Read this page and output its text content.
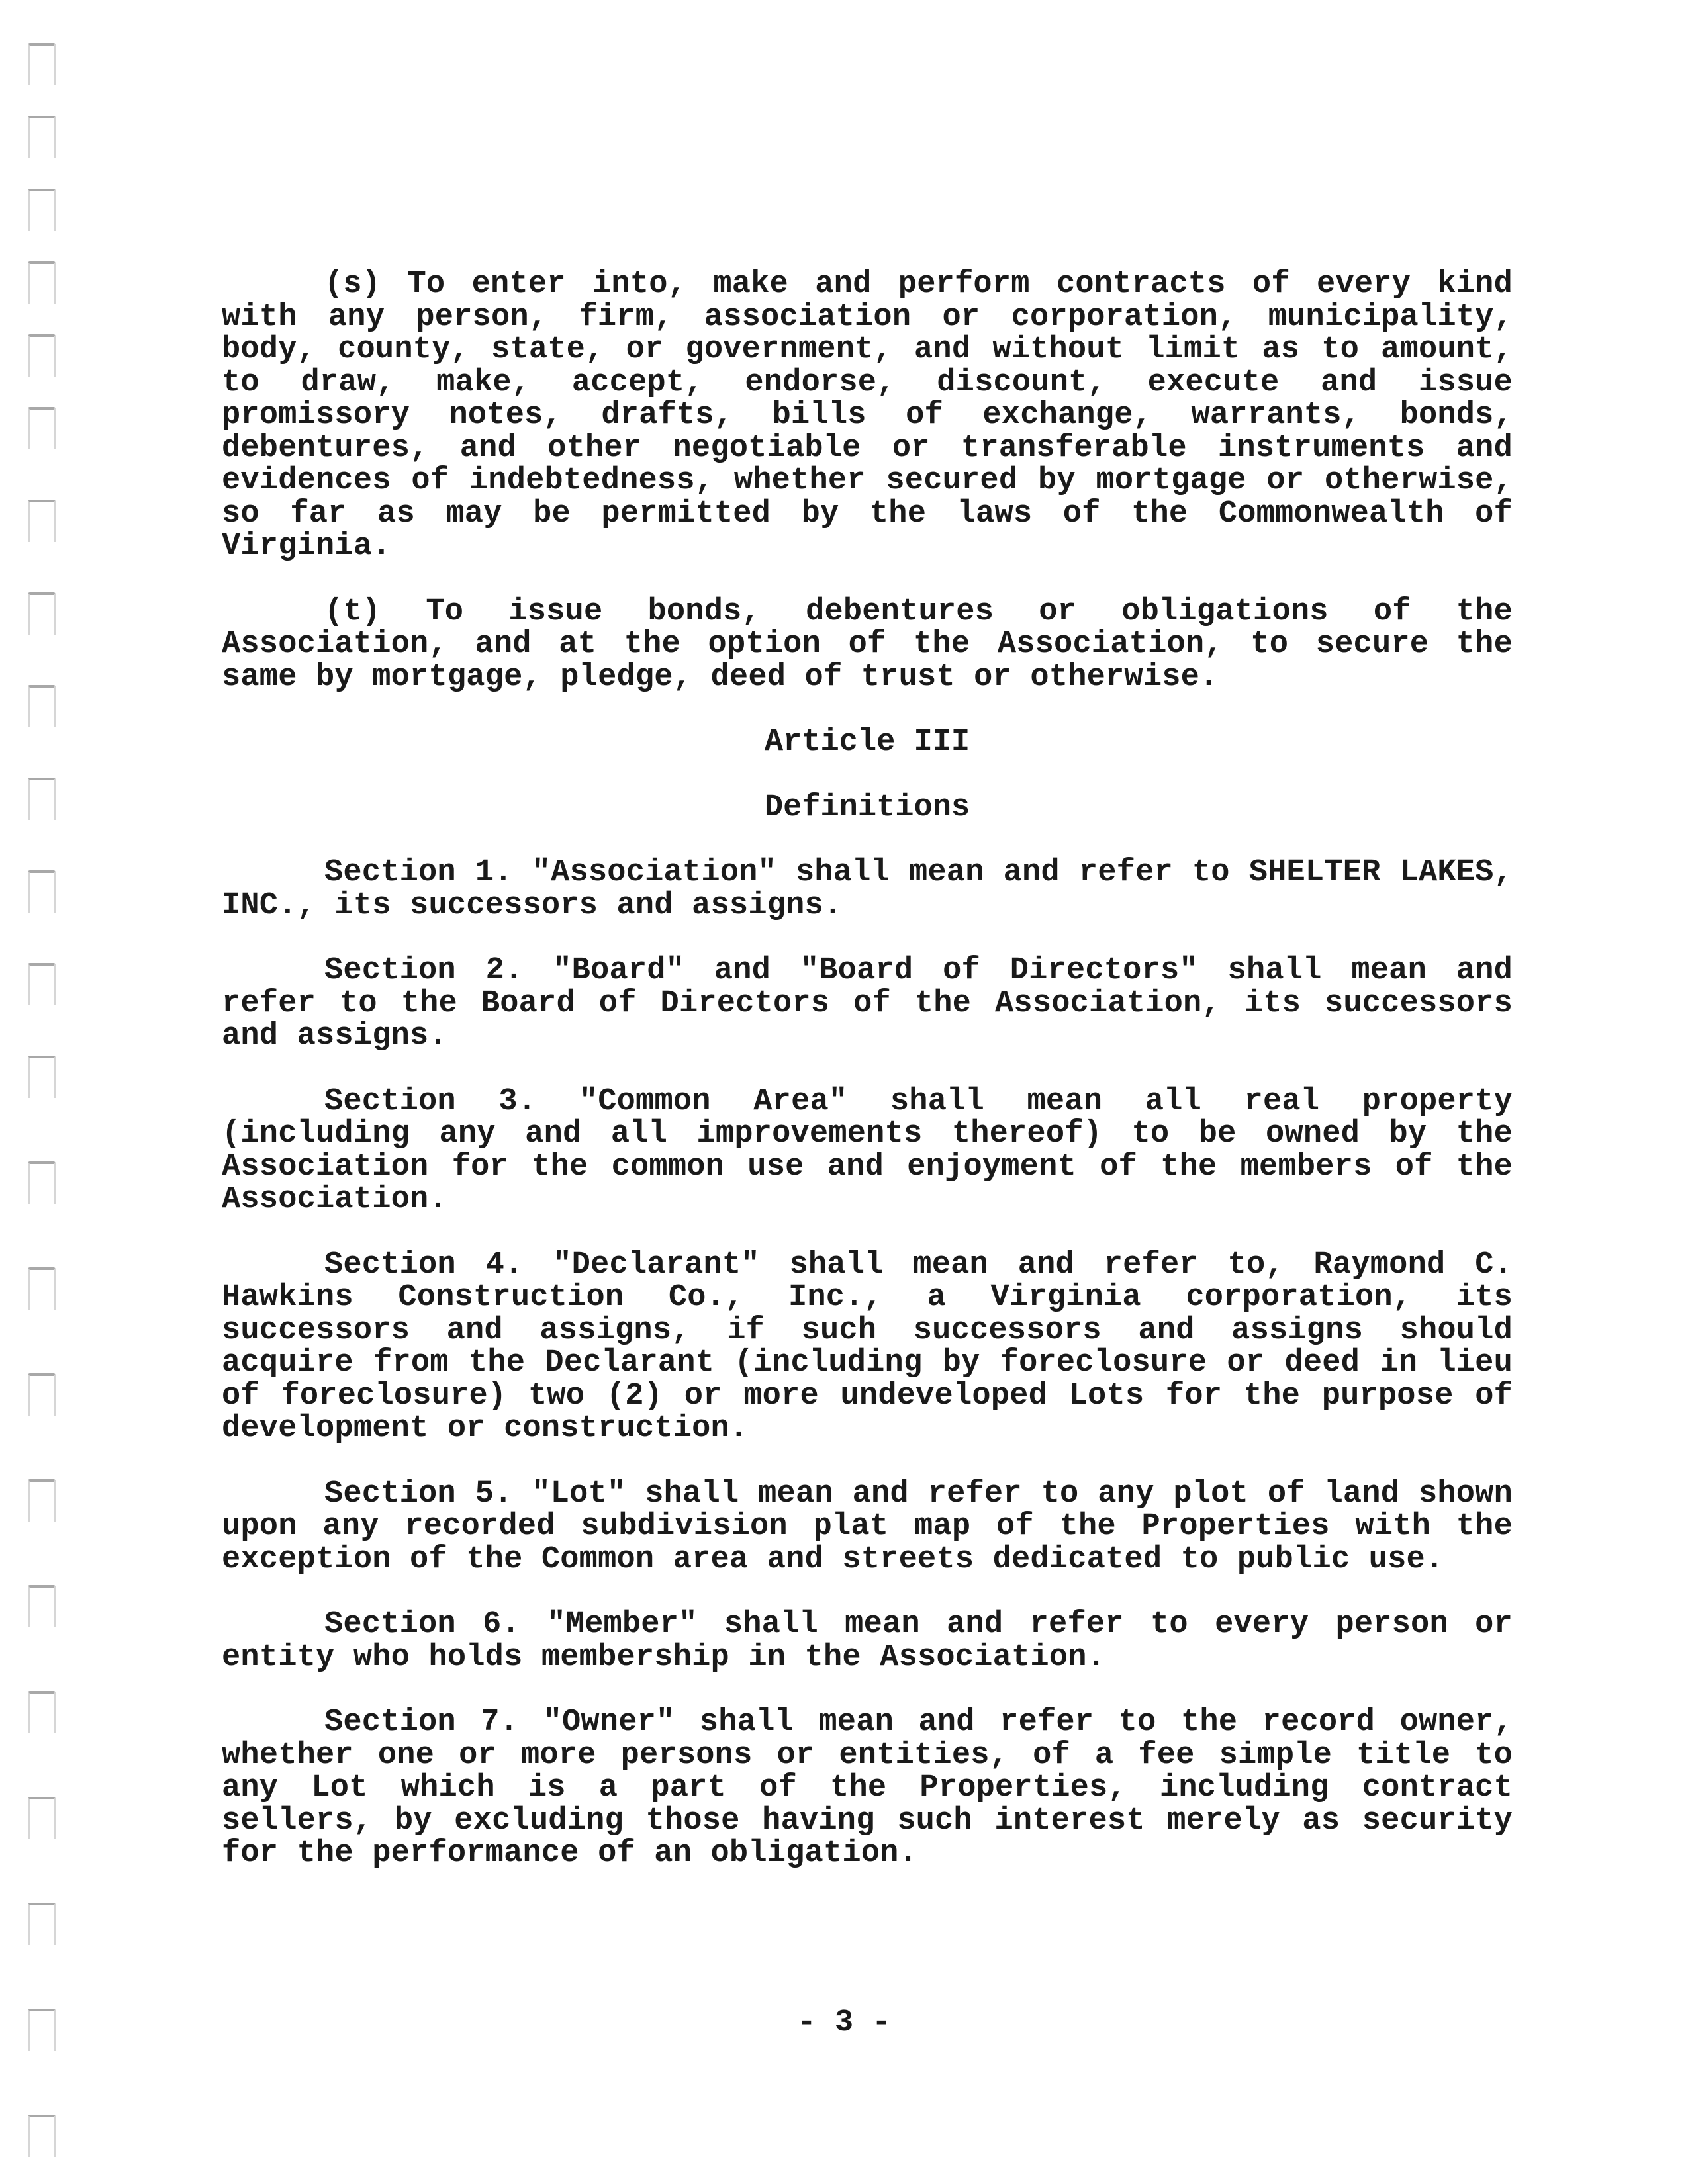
(s) To enter into, make and perform contracts of every kind with any person, firm, association or corporation, municipality, body, county, state, or government, and without limit as to amount, to draw, make, accept, endorse, discount, execute and issue promissory notes, drafts, bills of exchange, warrants, bonds, debentures, and other negotiable or transferable instruments and evidences of indebtedness, whether secured by mortgage or otherwise, so far as may be permitted by the laws of the Commonwealth of Virginia.

(t) To issue bonds, debentures or obligations of the Association, and at the option of the Association, to secure the same by mortgage, pledge, deed of trust or otherwise.

Article III
Definitions

Section 1. "Association" shall mean and refer to SHELTER LAKES, INC., its successors and assigns.

Section 2. "Board" and "Board of Directors" shall mean and refer to the Board of Directors of the Association, its successors and assigns.

Section 3. "Common Area" shall mean all real property (including any and all improvements thereof) to be owned by the Association for the common use and enjoyment of the members of the Association.

Section 4. "Declarant" shall mean and refer to, Raymond C. Hawkins Construction Co., Inc., a Virginia corporation, its successors and assigns, if such successors and assigns should acquire from the Declarant (including by foreclosure or deed in lieu of foreclosure) two (2) or more undeveloped Lots for the purpose of development or construction.

Section 5. "Lot" shall mean and refer to any plot of land shown upon any recorded subdivision plat map of the Properties with the exception of the Common area and streets dedicated to public use.

Section 6. "Member" shall mean and refer to every person or entity who holds membership in the Association.

Section 7. "Owner" shall mean and refer to the record owner, whether one or more persons or entities, of a fee simple title to any Lot which is a part of the Properties, including contract sellers, by excluding those having such interest merely as security for the performance of an obligation.

- 3 -
